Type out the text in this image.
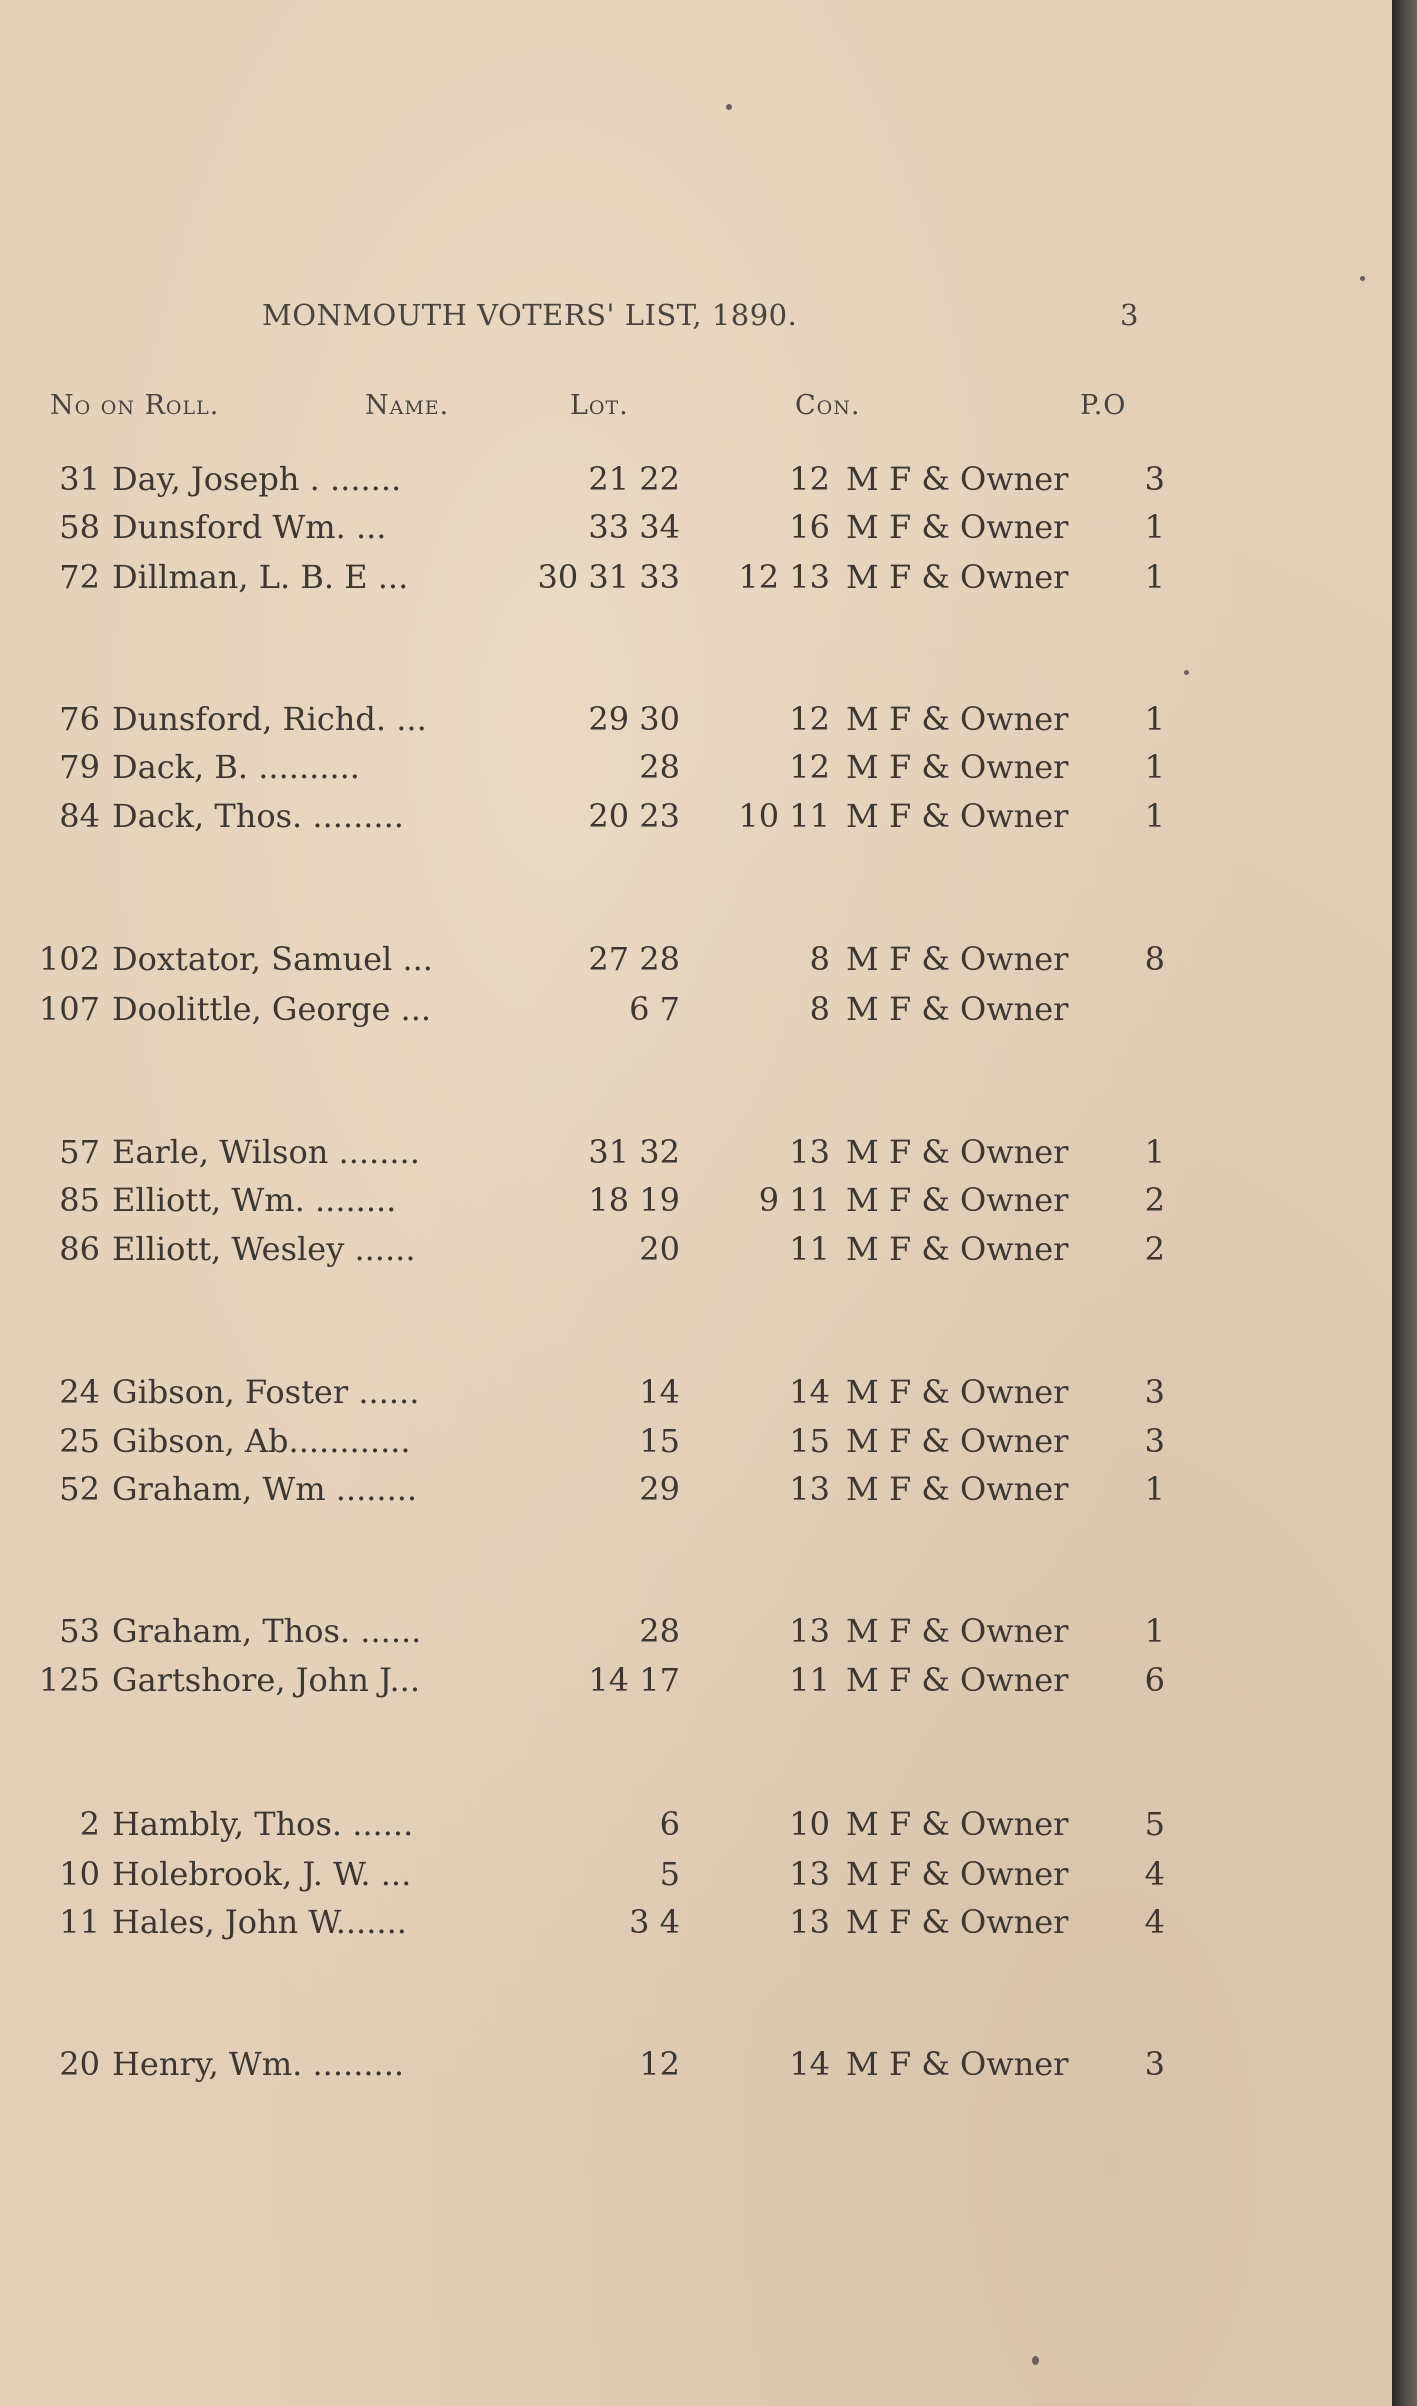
MONMOUTH VOTERS' LIST, 1890.	3
No on Roll.	Name.	Lot.	Con.	P.O
31 Day, Joseph . .......	21 22	12 M F & Owner	3
58 Dunsford Wm. ...	33 34	16 M F & Owner	1
72 Dillman, L. B. E ...	30 31 33	12 13 M F & Owner	1
76 Dunsford, Richd. ...	29 30	12 M F & Owner	1
79 Dack, B. ..........	28	12 M F & Owner	1
84 Dack, Thos. .........	20 23	10 11 M F & Owner	1
102 Doxtator, Samuel ...	27 28	8 M F & Owner	8
107 Doolittle, George ...	6 7	8 M F & Owner
57 Earle, Wilson ........	31 32	13 M F & Owner	1
85 Elliott, Wm. ........	18 19	9 11 M F & Owner	2
86 Elliott, Wesley ......	20	11 M F & Owner	2
24 Gibson, Foster ......	14	14 M F & Owner	3
25 Gibson, Ab............	15	15 M F & Owner	3
52 Graham, Wm ........	29	13 M F & Owner	1
53 Graham, Thos. ......	28	13 M F & Owner	1
125 Gartshore, John J...	14 17	11 M F & Owner	6
2 Hambly, Thos. ......	6	10 M F & Owner	5
10 Holebrook, J. W. ...	5	13 M F & Owner	4
11 Hales, John W.......	3 4	13 M F & Owner	4
20 Henry, Wm. .........	12	14 M F & Owner	3
